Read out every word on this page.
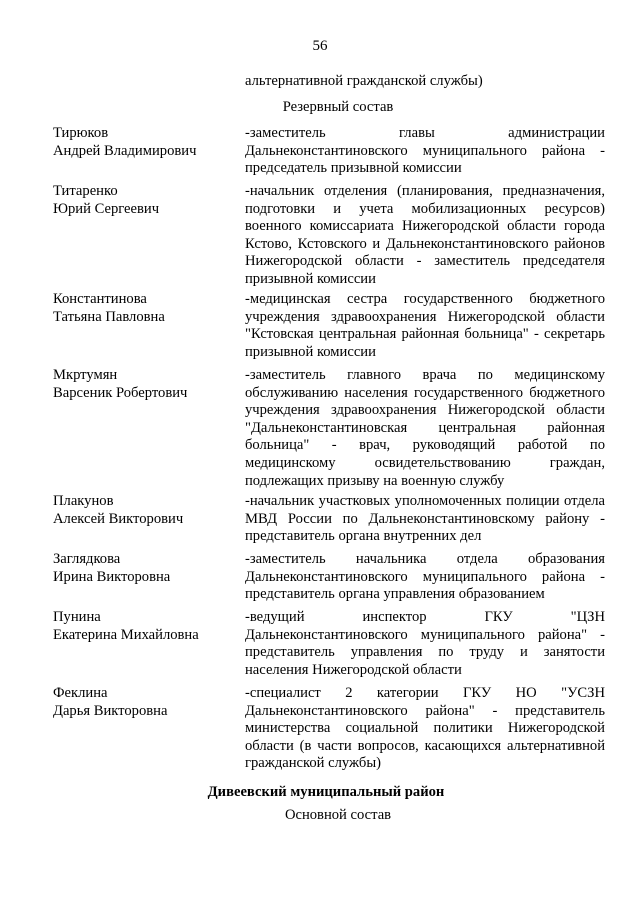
56
альтернативной гражданской службы)
Резервный состав
Тирюков
Андрей Владимирович
-заместитель главы администрации Дальнеконстантиновского муниципального района - председатель призывной комиссии
Титаренко
Юрий Сергеевич
-начальник отделения (планирования, предназначения, подготовки и учета мобилизационных ресурсов) военного комиссариата Нижегородской области города Кстово, Кстовского и Дальнеконстантиновского районов Нижегородской области - заместитель председателя призывной комиссии
Константинова
Татьяна Павловна
-медицинская сестра государственного бюджетного учреждения здравоохранения Нижегородской области "Кстовская центральная районная больница" - секретарь призывной комиссии
Мкртумян
Варсеник Робертович
-заместитель главного врача по медицинскому обслуживанию населения государственного бюджетного учреждения здравоохранения Нижегородской области "Дальнеконстантиновская центральная районная больница" - врач, руководящий работой по медицинскому освидетельствованию граждан, подлежащих призыву на военную службу
Плакунов
Алексей Викторович
-начальник участковых уполномоченных полиции отдела МВД России по Дальнеконстантиновскому району - представитель органа внутренних дел
Заглядкова
Ирина Викторовна
-заместитель начальника отдела образования Дальнеконстантиновского муниципального района - представитель органа управления образованием
Пунина
Екатерина Михайловна
-ведущий инспектор ГКУ "ЦЗН Дальнеконстантиновского муниципального района" - представитель управления по труду и занятости населения Нижегородской области
Феклина
Дарья Викторовна
-специалист 2 категории ГКУ НО "УСЗН Дальнеконстантиновского района" - представитель министерства социальной политики Нижегородской области (в части вопросов, касающихся альтернативной гражданской службы)
Дивеевский муниципальный район
Основной состав
